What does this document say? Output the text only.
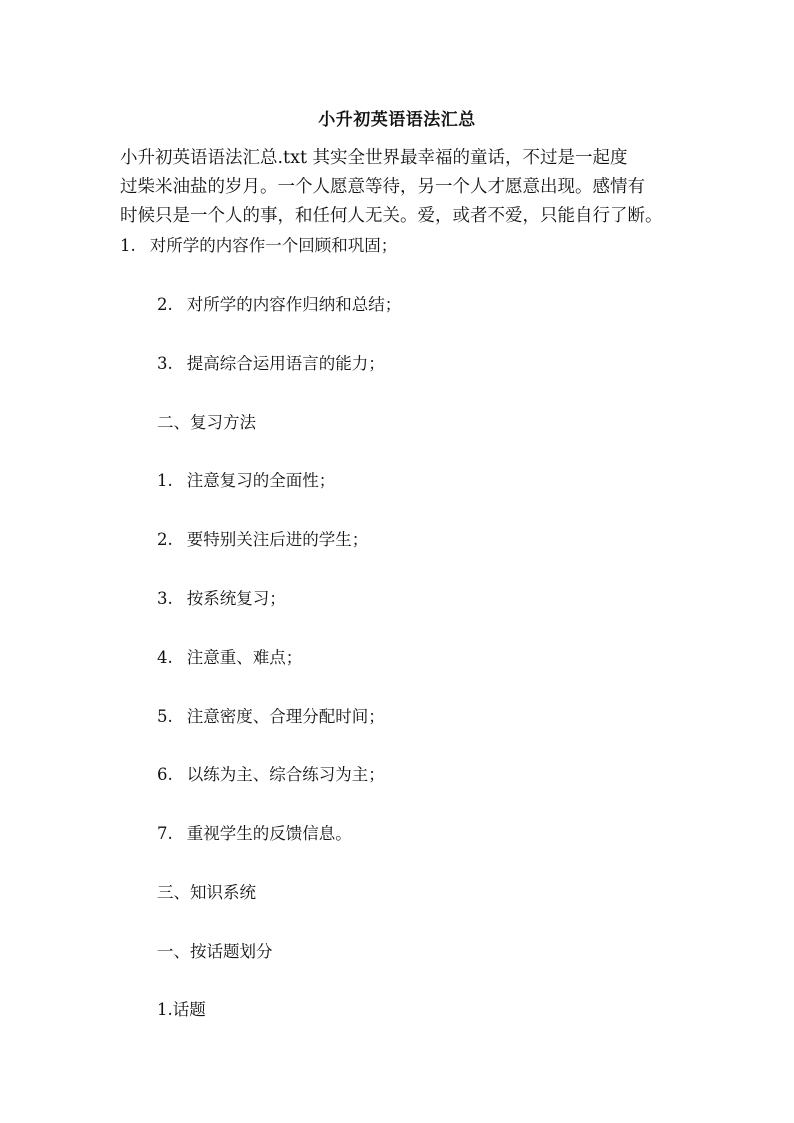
小升初英语语法汇总
小升初英语语法汇总.txt 其实全世界最幸福的童话，不过是一起度
过柴米油盐的岁月。一个人愿意等待，另一个人才愿意出现。感情有
时候只是一个人的事，和任何人无关。爱，或者不爱，只能自行了断。
1. 对所学的内容作一个回顾和巩固；
2. 对所学的内容作归纳和总结；
3. 提高综合运用语言的能力；
二、复习方法
1. 注意复习的全面性；
2. 要特别关注后进的学生；
3. 按系统复习；
4. 注意重、难点；
5. 注意密度、合理分配时间；
6. 以练为主、综合练习为主；
7. 重视学生的反馈信息。
三、知识系统
一、按话题划分
1.话题
